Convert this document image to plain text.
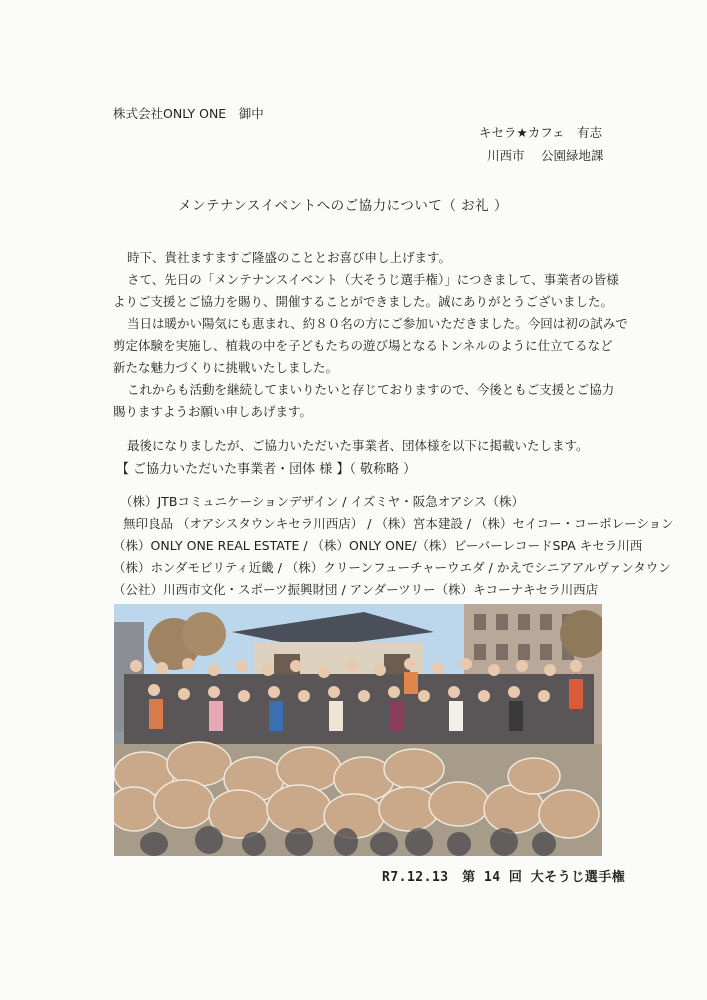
株式会社ONLY ONE　御中
キセラ★カフェ　有志
川西市　 公園緑地課
メンテナンスイベントへのご協力について（ お礼 ）

時下、貴社ますますご隆盛のこととお喜び申し上げます。

さて、先日の「メンテナンスイベント（大そうじ選手権）」につきまして、事業者の皆様

よりご支援とご協力を賜り、開催することができました。誠にありがとうございました。

当日は暖かい陽気にも恵まれ、約８０名の方にご参加いただきました。今回は初の試みで

剪定体験を実施し、植栽の中を子どもたちの遊び場となるトンネルのように仕立てるなど

新たな魅力づくりに挑戦いたしました。

これからも活動を継続してまいりたいと存じておりますので、今後ともご支援とご協力

賜りますようお願い申しあげます。

最後になりましたが、ご協力いただいた事業者、団体様を以下に掲載いたします。

【 ご協力いただいた事業者・団体 様 】（ 敬称略 ）

（株）JTBコミュニケーションデザイン / イズミヤ・阪急オアシス（株）

無印良品 （オアシスタウンキセラ川西店） / （株）宮本建設 / （株）セイコー・コーポレーション

（株）ONLY ONE REAL ESTATE / （株）ONLY ONE/（株）ビーバーレコードSPA キセラ川西

（株）ホンダモビリティ近畿 / （株）クリーンフューチャーウエダ / かえでシニアアルヴァンタウン

（公社）川西市文化・スポーツ振興財団 / アンダーツリー（株）キコーナキセラ川西店

R7.12.13　第 14 回 大そうじ選手権
